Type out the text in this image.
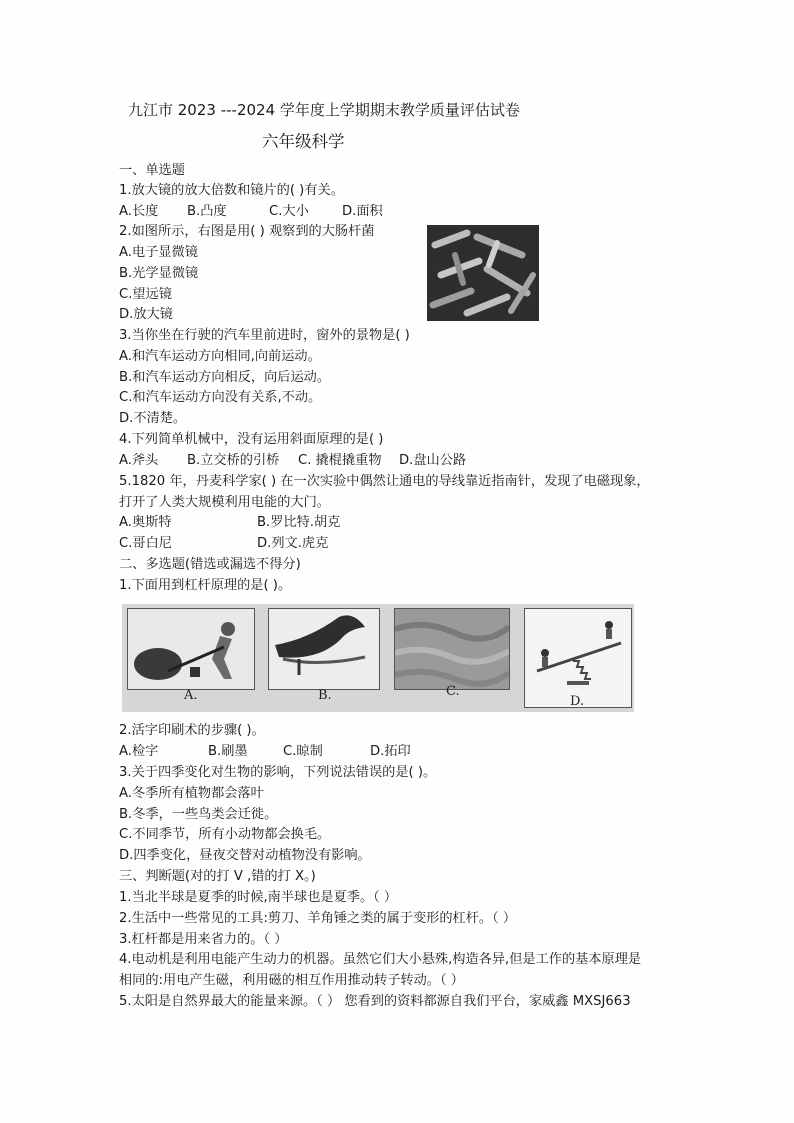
九江市 2023 ---2024 学年度上学期期末教学质量评估试卷
六年级科学
一、单选题
1.放大镜的放大倍数和镜片的( )有关。
A.长度 B.凸度	C.大小	D.面积
2.如图所示，右图是用( ) 观察到的大肠杆菌
A.电子显微镜
B.光学显微镜
C.望远镜
D.放大镜
3.当你坐在行驶的汽车里前进时，窗外的景物是( )
A.和汽车运动方向相同,向前运动。
B.和汽车运动方向相反，向后运动。
C.和汽车运动方向没有关系,不动。
D.不清楚。
4.下列简单机械中，没有运用斜面原理的是( )
A.斧头 B.立交桥的引桥 C. 撬棍撬重物 D.盘山公路
5.1820 年，丹麦科学家( ) 在一次实验中偶然让通电的导线靠近指南针，发现了电磁现象，
打开了人类大规模利用电能的大门。
A.奥斯特	B.罗比特.胡克
C.哥白尼	D.列文.虎克
二、多选题(错选或漏选不得分)
1.下面用到杠杆原理的是( )。
A.	B.	C.
D.
2.活字印刷术的步骤( )。
A.检字	B.刷墨	C.晾制	D.拓印
3.关于四季变化对生物的影响，下列说法错误的是( )。
A.冬季所有植物都会落叶
B.冬季，一些鸟类会迁徙。
C.不同季节，所有小动物都会换毛。
D.四季变化，昼夜交替对动植物没有影响。
三、判断题(对的打 V ,错的打 X。)
1.当北半球是夏季的时候,南半球也是夏季。（ ）
2.生活中一些常见的工具:剪刀、羊角锤之类的属于变形的杠杆。（ ）
3.杠杆都是用来省力的。（ ）
4.电动机是利用电能产生动力的机器。虽然它们大小悬殊,构造各异,但是工作的基本原理是
相同的:用电产生磁，利用磁的相互作用推动转子转动。（ ）
5.太阳是自然界最大的能量来源。（ ） 您看到的资料都源自我们平台，家威鑫 MXSJ663
